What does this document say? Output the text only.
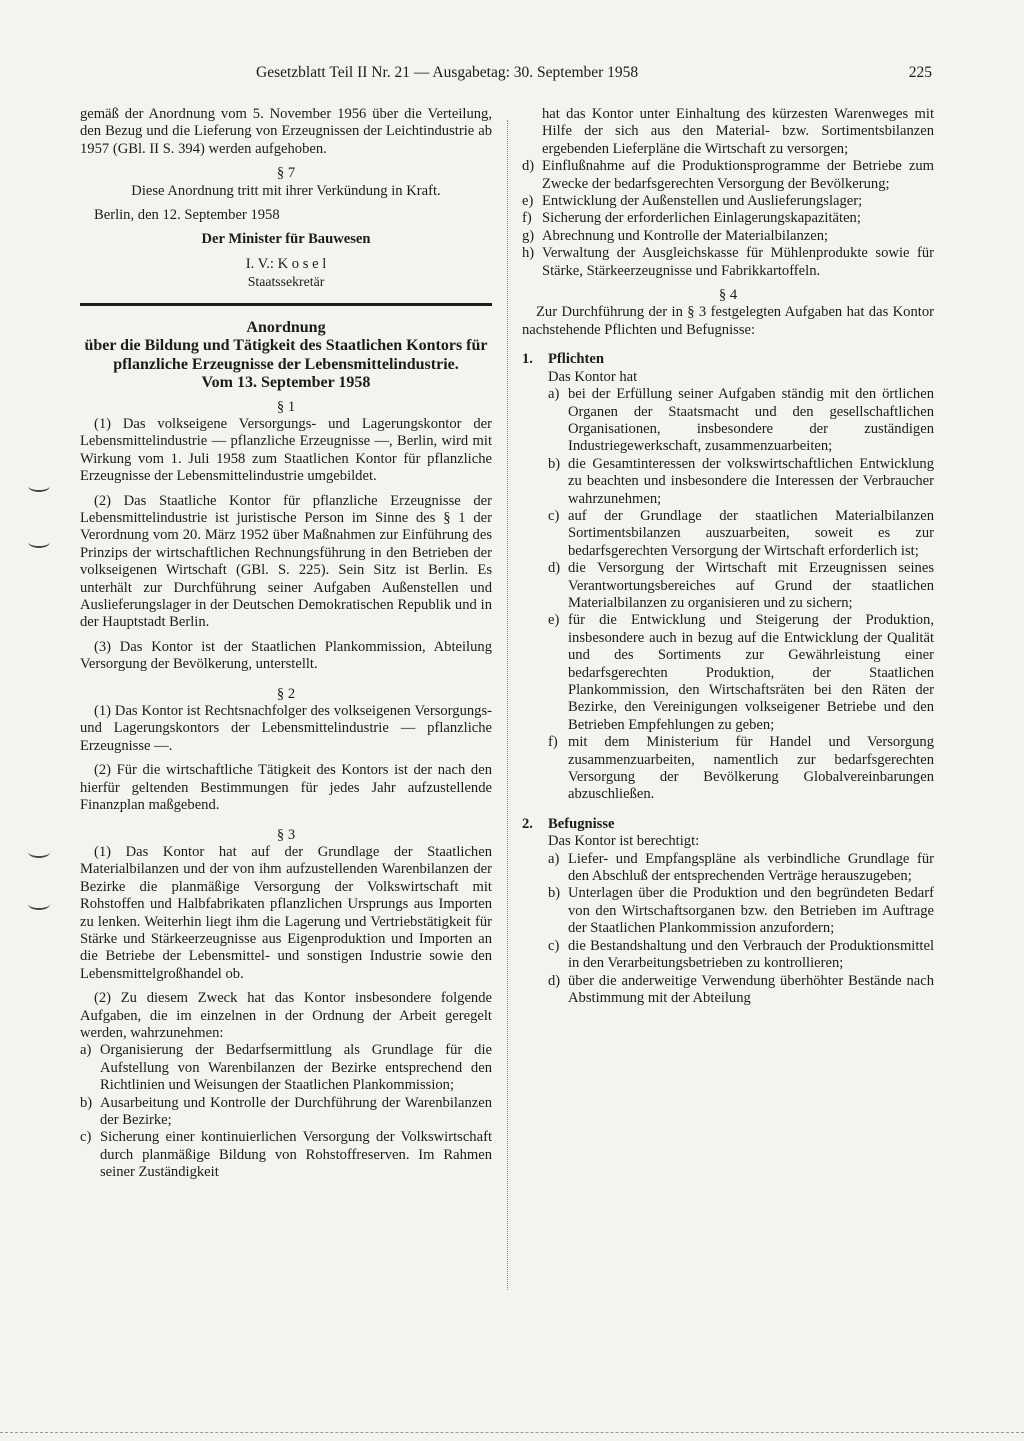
Gesetzblatt Teil II Nr. 21 — Ausgabetag: 30. September 1958	225

gemäß der Anordnung vom 5. November 1956 über die Verteilung, den Bezug und die Lieferung von Erzeugnissen der Leichtindustrie ab 1957 (GBl. II S. 394) werden aufgehoben.

§ 7

Diese Anordnung tritt mit ihrer Verkündung in Kraft.

Berlin, den 12. September 1958

Der Minister für Bauwesen

I. V.: K o s e l

Staatssekretär

Anordnung

über die Bildung und Tätigkeit des Staatlichen Kontors für pflanzliche Erzeugnisse der Lebensmittelindustrie.

Vom 13. September 1958

§ 1

(1) Das volkseigene Versorgungs- und Lagerungskontor der Lebensmittelindustrie — pflanzliche Erzeugnisse —, Berlin, wird mit Wirkung vom 1. Juli 1958 zum Staatlichen Kontor für pflanzliche Erzeugnisse der Lebensmittelindustrie umgebildet.

(2) Das Staatliche Kontor für pflanzliche Erzeugnisse der Lebensmittelindustrie ist juristische Person im Sinne des § 1 der Verordnung vom 20. März 1952 über Maßnahmen zur Einführung des Prinzips der wirtschaftlichen Rechnungsführung in den Betrieben der volkseigenen Wirtschaft (GBl. S. 225). Sein Sitz ist Berlin. Es unterhält zur Durchführung seiner Aufgaben Außenstellen und Auslieferungslager in der Deutschen Demokratischen Republik und in der Hauptstadt Berlin.

(3) Das Kontor ist der Staatlichen Plankommission, Abteilung Versorgung der Bevölkerung, unterstellt.

§ 2

(1) Das Kontor ist Rechtsnachfolger des volkseigenen Versorgungs- und Lagerungskontors der Lebensmittelindustrie — pflanzliche Erzeugnisse —.

(2) Für die wirtschaftliche Tätigkeit des Kontors ist der nach den hierfür geltenden Bestimmungen für jedes Jahr aufzustellende Finanzplan maßgebend.

§ 3

(1) Das Kontor hat auf der Grundlage der Staatlichen Materialbilanzen und der von ihm aufzustellenden Warenbilanzen der Bezirke die planmäßige Versorgung der Volkswirtschaft mit Rohstoffen und Halbfabrikaten pflanzlichen Ursprungs aus Importen zu lenken. Weiterhin liegt ihm die Lagerung und Vertriebstätigkeit für Stärke und Stärkeerzeugnisse aus Eigenproduktion und Importen an die Betriebe der Lebensmittel- und sonstigen Industrie sowie den Lebensmittelgroßhandel ob.

(2) Zu diesem Zweck hat das Kontor insbesondere folgende Aufgaben, die im einzelnen in der Ordnung der Arbeit geregelt werden, wahrzunehmen:

a) Organisierung der Bedarfsermittlung als Grundlage für die Aufstellung von Warenbilanzen der Bezirke entsprechend den Richtlinien und Weisungen der Staatlichen Plankommission;
b) Ausarbeitung und Kontrolle der Durchführung der Warenbilanzen der Bezirke;
c) Sicherung einer kontinuierlichen Versorgung der Volkswirtschaft durch planmäßige Bildung von Rohstoffreserven. Im Rahmen seiner Zuständigkeit

hat das Kontor unter Einhaltung des kürzesten Warenweges mit Hilfe der sich aus den Material- bzw. Sortimentsbilanzen ergebenden Lieferpläne die Wirtschaft zu versorgen;

d) Einflußnahme auf die Produktionsprogramme der Betriebe zum Zwecke der bedarfsgerechten Versorgung der Bevölkerung;
e) Entwicklung der Außenstellen und Auslieferungslager;
f) Sicherung der erforderlichen Einlagerungskapazitäten;
g) Abrechnung und Kontrolle der Materialbilanzen;
h) Verwaltung der Ausgleichskasse für Mühlenprodukte sowie für Stärke, Stärkeerzeugnisse und Fabrikkartoffeln.

§ 4

Zur Durchführung der in § 3 festgelegten Aufgaben hat das Kontor nachstehende Pflichten und Befugnisse:

1. Pflichten

Das Kontor hat

a) bei der Erfüllung seiner Aufgaben ständig mit den örtlichen Organen der Staatsmacht und den gesellschaftlichen Organisationen, insbesondere der zuständigen Industriegewerkschaft, zusammenzuarbeiten;
b) die Gesamtinteressen der volkswirtschaftlichen Entwicklung zu beachten und insbesondere die Interessen der Verbraucher wahrzunehmen;
c) auf der Grundlage der staatlichen Materialbilanzen Sortimentsbilanzen auszuarbeiten, soweit es zur bedarfsgerechten Versorgung der Wirtschaft erforderlich ist;
d) die Versorgung der Wirtschaft mit Erzeugnissen seines Verantwortungsbereiches auf Grund der staatlichen Materialbilanzen zu organisieren und zu sichern;
e) für die Entwicklung und Steigerung der Produktion, insbesondere auch in bezug auf die Entwicklung der Qualität und des Sortiments zur Gewährleistung einer bedarfsgerechten Produktion, der Staatlichen Plankommission, den Wirtschaftsräten bei den Räten der Bezirke, den Vereinigungen volkseigener Betriebe und den Betrieben Empfehlungen zu geben;
f) mit dem Ministerium für Handel und Versorgung zusammenzuarbeiten, namentlich zur bedarfsgerechten Versorgung der Bevölkerung Globalvereinbarungen abzuschließen.

2. Befugnisse

Das Kontor ist berechtigt:

a) Liefer- und Empfangspläne als verbindliche Grundlage für den Abschluß der entsprechenden Verträge herauszugeben;
b) Unterlagen über die Produktion und den begründeten Bedarf von den Wirtschaftsorganen bzw. den Betrieben im Auftrage der Staatlichen Plankommission anzufordern;
c) die Bestandshaltung und den Verbrauch der Produktionsmittel in den Verarbeitungsbetrieben zu kontrollieren;
d) über die anderweitige Verwendung überhöhter Bestände nach Abstimmung mit der Abteilung
